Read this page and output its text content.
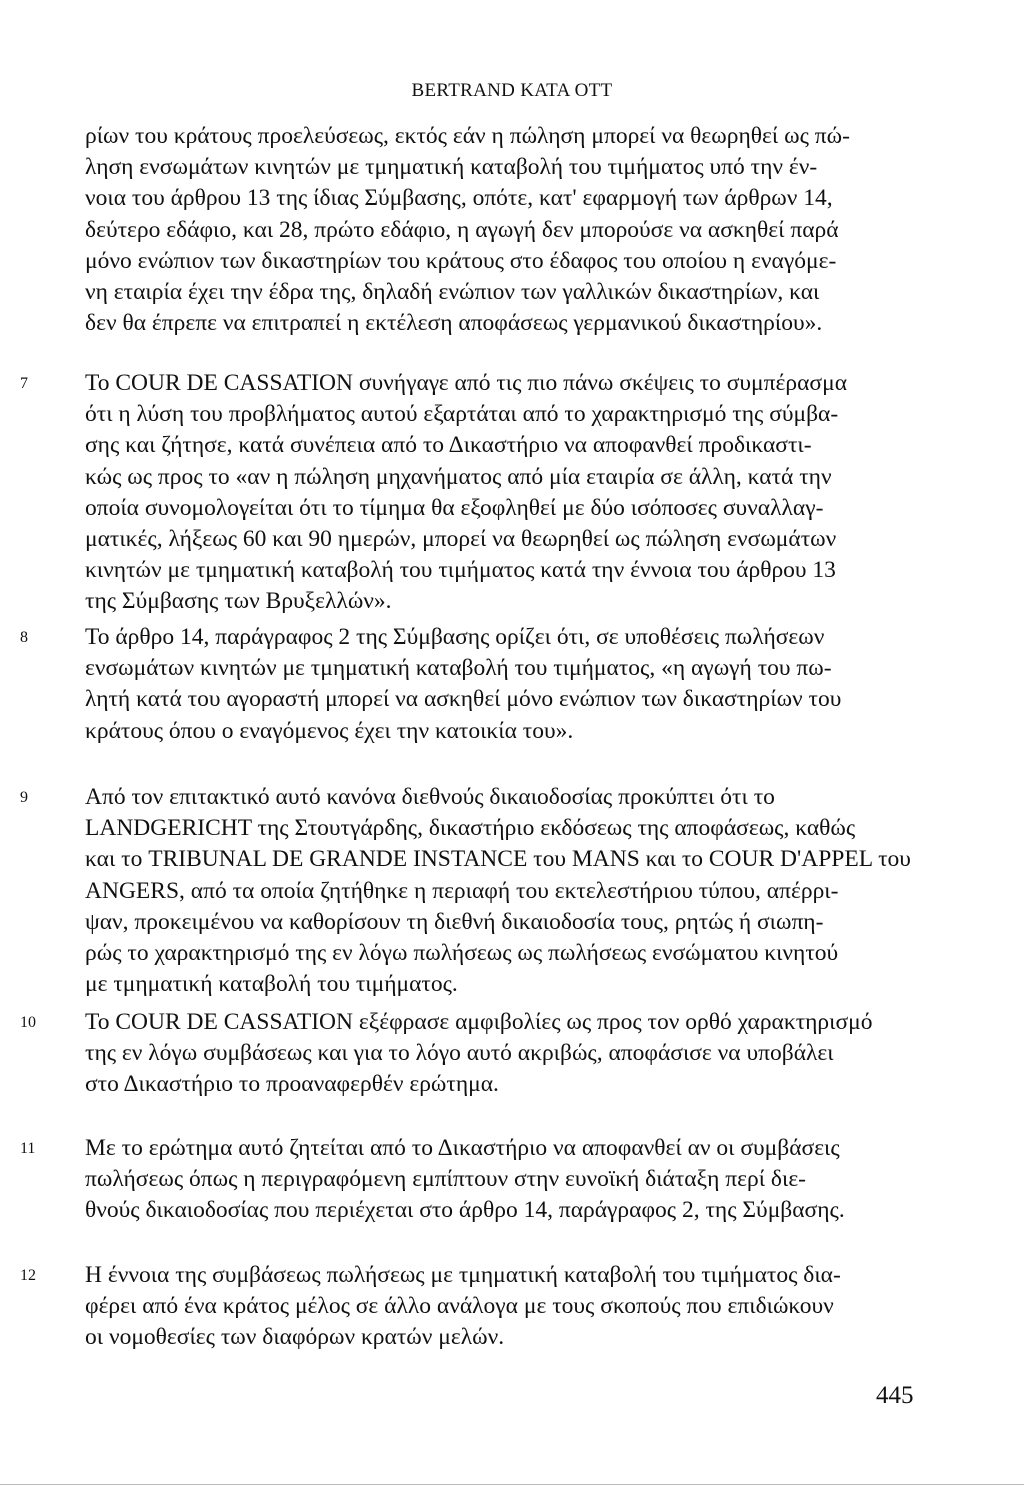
BERTRAND KATA OTT
ρίων του κράτους προελεύσεως, εκτός εάν η πώληση μπορεί να θεωρηθεί ως πώ-
ληση ενσωμάτων κινητών με τμηματική καταβολή του τιμήματος υπό την έν-
νοια του άρθρου 13 της ίδιας Σύμβασης, οπότε, κατ' εφαρμογή των άρθρων 14,
δεύτερο εδάφιο, και 28, πρώτο εδάφιο, η αγωγή δεν μπορούσε να ασκηθεί παρά
μόνο ενώπιον των δικαστηρίων του κράτους στο έδαφος του οποίου η εναγόμε-
νη εταιρία έχει την έδρα της, δηλαδή ενώπιον των γαλλικών δικαστηρίων, και
δεν θα έπρεπε να επιτραπεί η εκτέλεση αποφάσεως γερμανικού δικαστηρίου».
7 Το COUR DE CASSATION συνήγαγε από τις πιο πάνω σκέψεις το συμπέρασμα
ότι η λύση του προβλήματος αυτού εξαρτάται από το χαρακτηρισμό της σύμβα-
σης και ζήτησε, κατά συνέπεια από το Δικαστήριο να αποφανθεί προδικαστι-
κώς ως προς το «αν η πώληση μηχανήματος από μία εταιρία σε άλλη, κατά την
οποία συνομολογείται ότι το τίμημα θα εξοφληθεί με δύο ισόποσες συναλλαγ-
ματικές, λήξεως 60 και 90 ημερών, μπορεί να θεωρηθεί ως πώληση ενσωμάτων
κινητών με τμηματική καταβολή του τιμήματος κατά την έννοια του άρθρου 13
της Σύμβασης των Βρυξελλών».
8 Το άρθρο 14, παράγραφος 2 της Σύμβασης ορίζει ότι, σε υποθέσεις πωλήσεων
ενσωμάτων κινητών με τμηματική καταβολή του τιμήματος, «η αγωγή του πω-
λητή κατά του αγοραστή μπορεί να ασκηθεί μόνο ενώπιον των δικαστηρίων του
κράτους όπου ο εναγόμενος έχει την κατοικία του».
9 Από τον επιτακτικό αυτό κανόνα διεθνούς δικαιοδοσίας προκύπτει ότι το
LANDGERICHT της Στουτγάρδης, δικαστήριο εκδόσεως της αποφάσεως, καθώς
και το TRIBUNAL DE GRANDE INSTANCE του MANS και το COUR D'APPEL του
ANGERS, από τα οποία ζητήθηκε η περιαφή του εκτελεστήριου τύπου, απέρρι-
ψαν, προκειμένου να καθορίσουν τη διεθνή δικαιοδοσία τους, ρητώς ή σιωπη-
ρώς το χαρακτηρισμό της εν λόγω πωλήσεως ως πωλήσεως ενσώματου κινητού
με τμηματική καταβολή του τιμήματος.
10 Το COUR DE CASSATION εξέφρασε αμφιβολίες ως προς τον ορθό χαρακτηρισμό
της εν λόγω συμβάσεως και για το λόγο αυτό ακριβώς, αποφάσισε να υποβάλει
στο Δικαστήριο το προαναφερθέν ερώτημα.
11 Με το ερώτημα αυτό ζητείται από το Δικαστήριο να αποφανθεί αν οι συμβάσεις
πωλήσεως όπως η περιγραφόμενη εμπίπτουν στην ευνοϊκή διάταξη περί διε-
θνούς δικαιοδοσίας που περιέχεται στο άρθρο 14, παράγραφος 2, της Σύμβασης.
12 Η έννοια της συμβάσεως πωλήσεως με τμηματική καταβολή του τιμήματος δια-
φέρει από ένα κράτος μέλος σε άλλο ανάλογα με τους σκοπούς που επιδιώκουν
οι νομοθεσίες των διαφόρων κρατών μελών.
445
